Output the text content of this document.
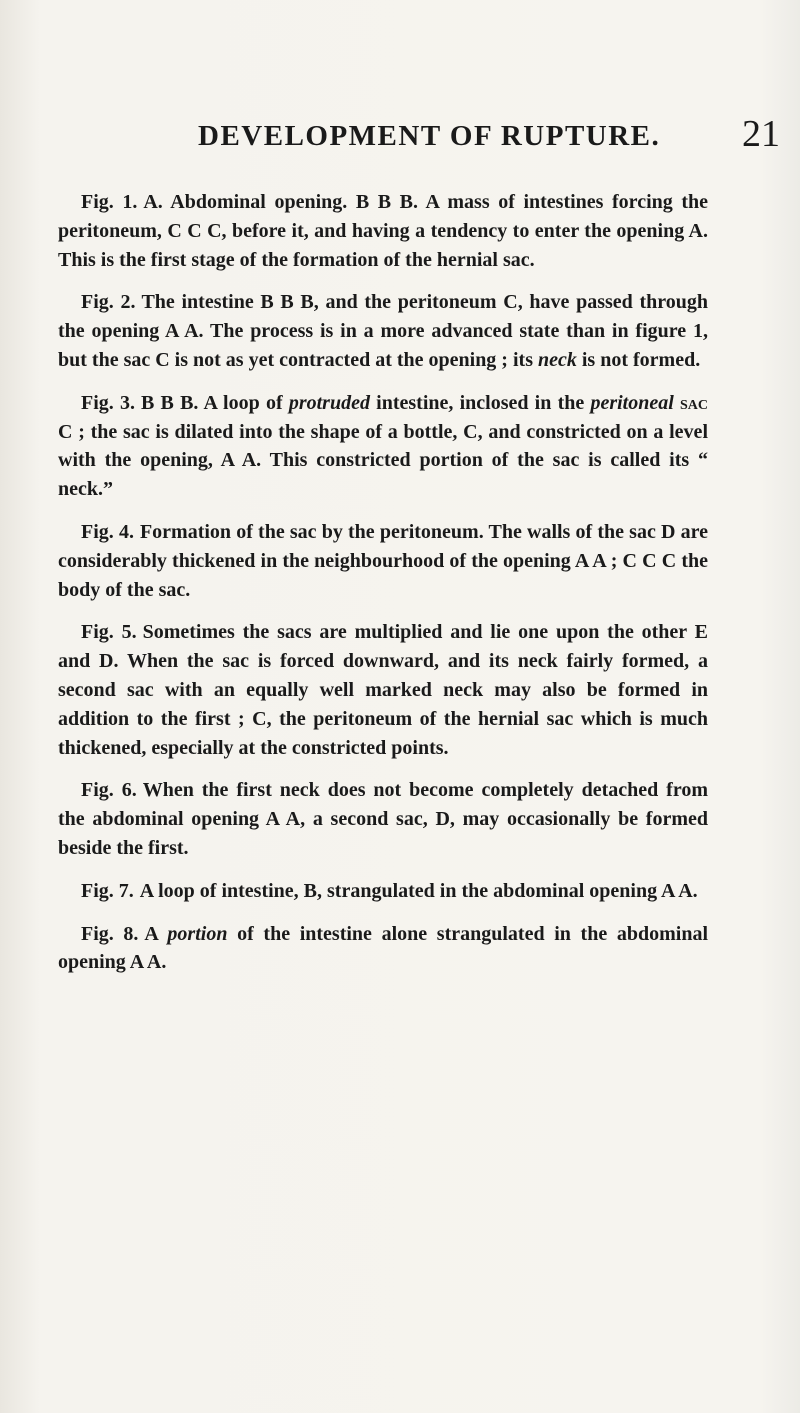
DEVELOPMENT OF RUPTURE. 21

Fig. 1. A. Abdominal opening. B B B. A mass of intestines forcing the peritoneum, C C C, before it, and having a tendency to enter the opening A. This is the first stage of the formation of the hernial sac.

Fig. 2. The intestine B B B, and the peritoneum C, have passed through the opening A A. The process is in a more advanced state than in figure 1, but the sac C is not as yet contracted at the opening ; its neck is not formed.

Fig. 3. B B B. A loop of protruded intestine, inclosed in the peritoneal sac C ; the sac is dilated into the shape of a bottle, C, and constricted on a level with the opening, A A. This constricted portion of the sac is called its “ neck.”

Fig. 4. Formation of the sac by the peritoneum. The walls of the sac D are considerably thickened in the neighbourhood of the opening A A ; C C C the body of the sac.

Fig. 5. Sometimes the sacs are multiplied and lie one upon the other E and D. When the sac is forced downward, and its neck fairly formed, a second sac with an equally well marked neck may also be formed in addition to the first ; C, the peritoneum of the hernial sac which is much thickened, especially at the constricted points.

Fig. 6. When the first neck does not become completely detached from the abdominal opening A A, a second sac, D, may occasionally be formed beside the first.

Fig. 7. A loop of intestine, B, strangulated in the abdominal opening A A.

Fig. 8. A portion of the intestine alone strangulated in the abdominal opening A A.
